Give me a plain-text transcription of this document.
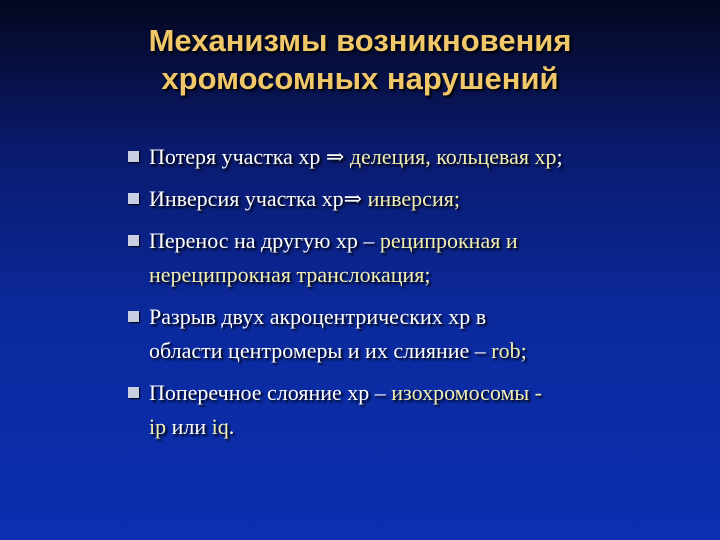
Механизмы возникновения
хромосомных нарушений
Потеря участка хр ⇒ делеция, кольцевая хр;
Инверсия участка хр⇒ инверсия;
Перенос на другую хр – реципрокная и
нереципрокная транслокация;
Разрыв двух акроцентрических хр в
области центромеры и их слияние – rob;
Поперечное слояние хр – изохромосомы -
ip или iq.
